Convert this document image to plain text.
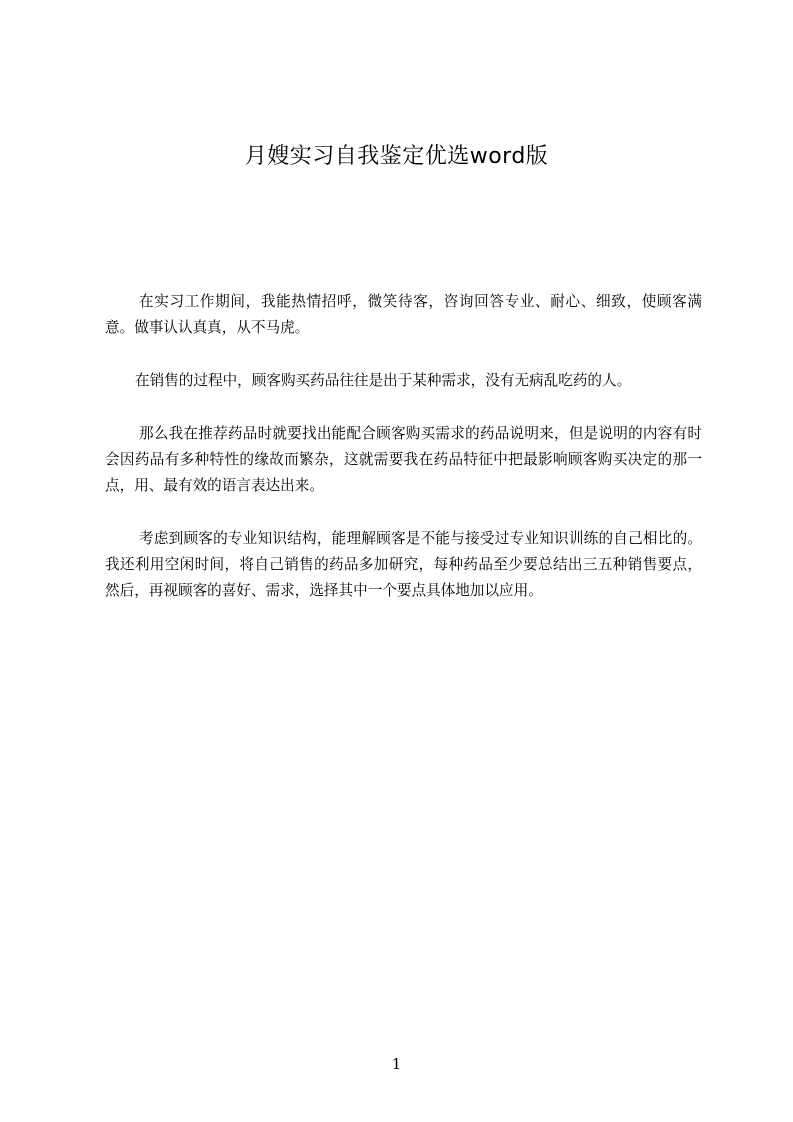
月嫂实习自我鉴定优选word版

在实习工作期间，我能热情招呼，微笑待客，咨询回答专业、耐心、细致，使顾客满意。做事认认真真，从不马虎。

在销售的过程中，顾客购买药品往往是出于某种需求，没有无病乱吃药的人。

那么我在推荐药品时就要找出能配合顾客购买需求的药品说明来，但是说明的内容有时会因药品有多种特性的缘故而繁杂，这就需要我在药品特征中把最影响顾客购买决定的那一点，用、最有效的语言表达出来。

考虑到顾客的专业知识结构，能理解顾客是不能与接受过专业知识训练的自己相比的。我还利用空闲时间，将自己销售的药品多加研究，每种药品至少要总结出三五种销售要点，然后，再视顾客的喜好、需求，选择其中一个要点具体地加以应用。

1
